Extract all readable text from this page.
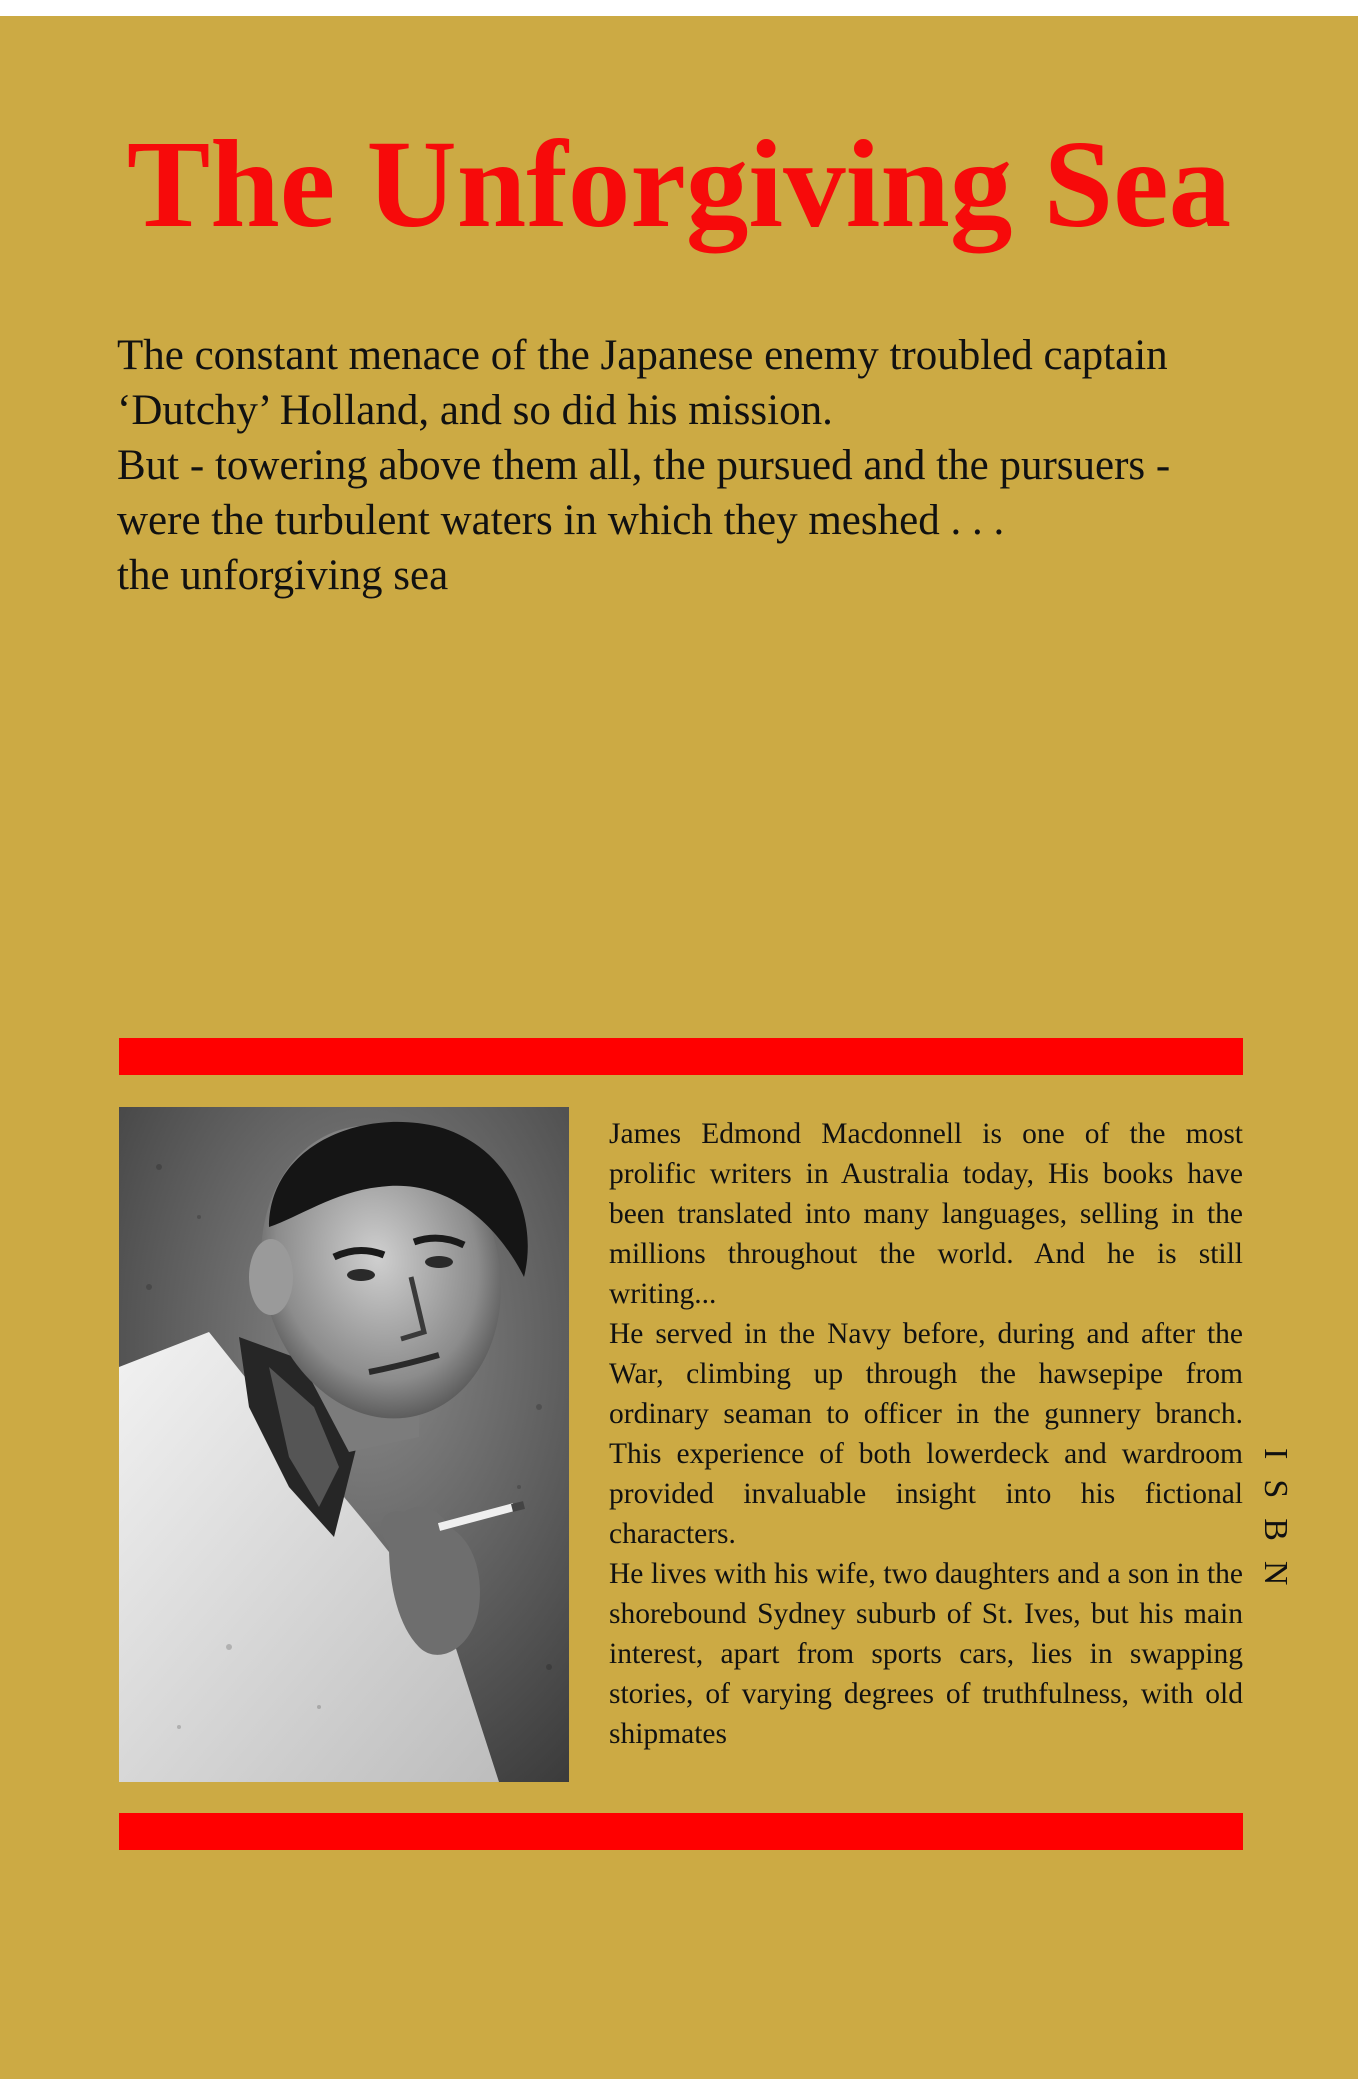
The Unforgiving Sea
The constant menace of the Japanese enemy troubled captain
‘Dutchy’ Holland, and so did his mission.
But - towering above them all, the pursued and the pursuers -
were the turbulent waters in which they meshed . . .
the unforgiving sea

James Edmond Macdonnell is one of the most prolific writers in Australia today, His books have been translated into many languages, selling in the millions throughout the world. And he is still writing...

He served in the Navy before, during and after the War, climbing up through the hawsepipe from ordinary seaman to officer in the gunnery branch. This experience of both lowerdeck and wardroom provided invaluable insight into his fictional characters.

He lives with his wife, two daughters and a son in the shorebound Sydney suburb of St. Ives, but his main interest, apart from sports cars, lies in swapping stories, of varying degrees of truthfulness, with old shipmates

ISBN
